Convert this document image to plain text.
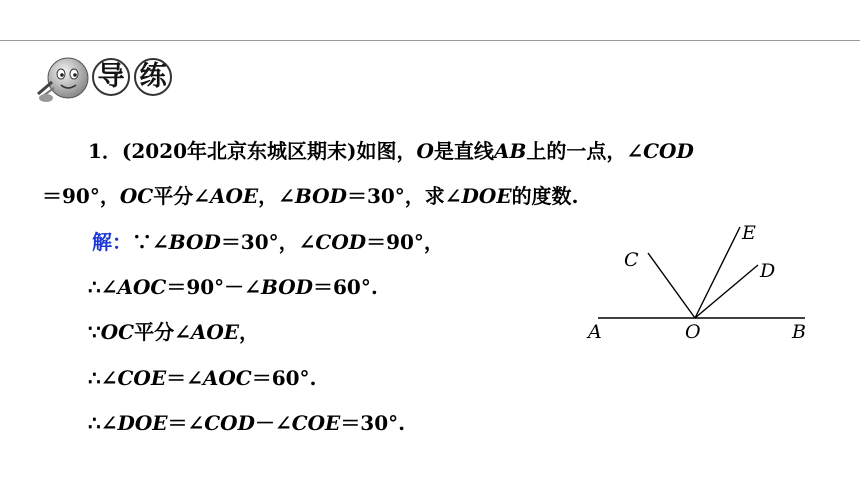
导 练
1．(2020年北京东城区期末)如图，O是直线AB上的一点，∠COD
＝90°，OC平分∠AOE，∠BOD＝30°，求∠DOE的度数.
解：∵∠BOD＝30°，∠COD＝90°，
∴∠AOC＝90°－∠BOD＝60°.
∵OC平分∠AOE，
∴∠COE＝∠AOC＝60°.
∴∠DOE＝∠COD－∠COE＝30°.
A	O	B
C	D
E
